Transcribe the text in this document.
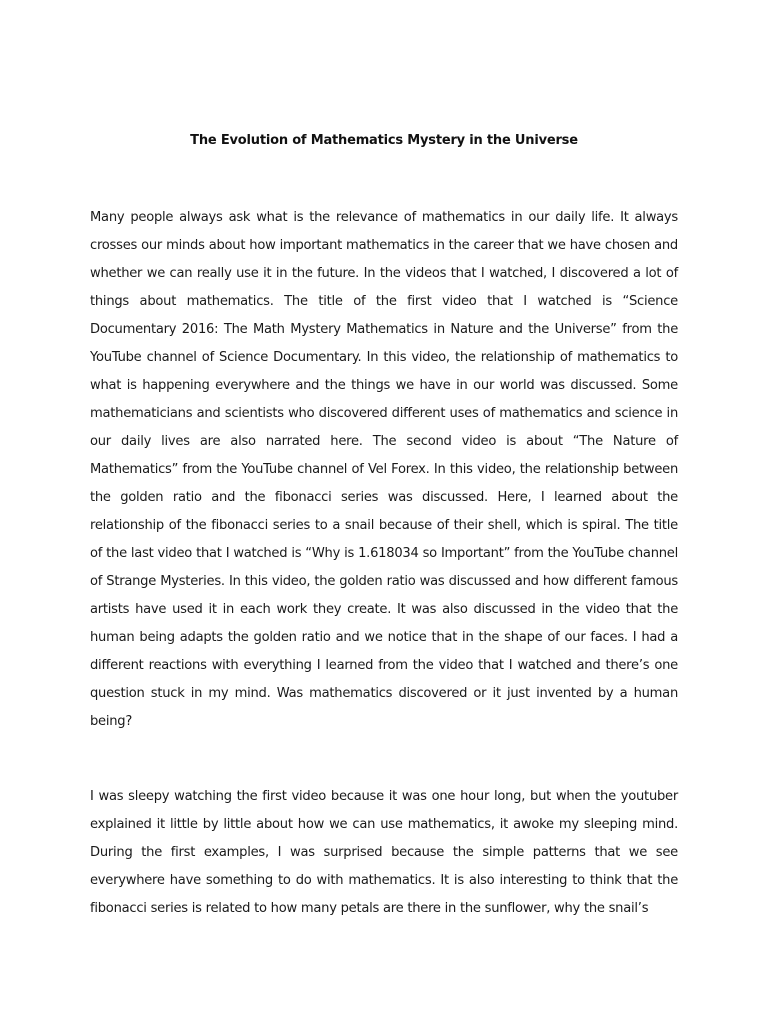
The Evolution of Mathematics Mystery in the Universe

Many people always ask what is the relevance of mathematics in our daily life. It always crosses our minds about how important mathematics in the career that we have chosen and whether we can really use it in the future. In the videos that I watched, I discovered a lot of things about mathematics. The title of the first video that I watched is “Science Documentary 2016: The Math Mystery Mathematics in Nature and the Universe” from the YouTube channel of Science Documentary. In this video, the relationship of mathematics to what is happening everywhere and the things we have in our world was discussed. Some mathematicians and scientists who discovered different uses of mathematics and science in our daily lives are also narrated here. The second video is about “The Nature of Mathematics” from the YouTube channel of Vel Forex. In this video, the relationship between the golden ratio and the fibonacci series was discussed. Here, I learned about the relationship of the fibonacci series to a snail because of their shell, which is spiral. The title of the last video that I watched is “Why is 1.618034 so Important” from the YouTube channel of Strange Mysteries. In this video, the golden ratio was discussed and how different famous artists have used it in each work they create. It was also discussed in the video that the human being adapts the golden ratio and we notice that in the shape of our faces. I had a different reactions with everything I learned from the video that I watched and there’s one question stuck in my mind. Was mathematics discovered or it just invented by a human being?

I was sleepy watching the first video because it was one hour long, but when the youtuber explained it little by little about how we can use mathematics, it awoke my sleeping mind. During the first examples, I was surprised because the simple patterns that we see everywhere have something to do with mathematics. It is also interesting to think that the fibonacci series is related to how many petals are there in the sunflower, why the snail’s
